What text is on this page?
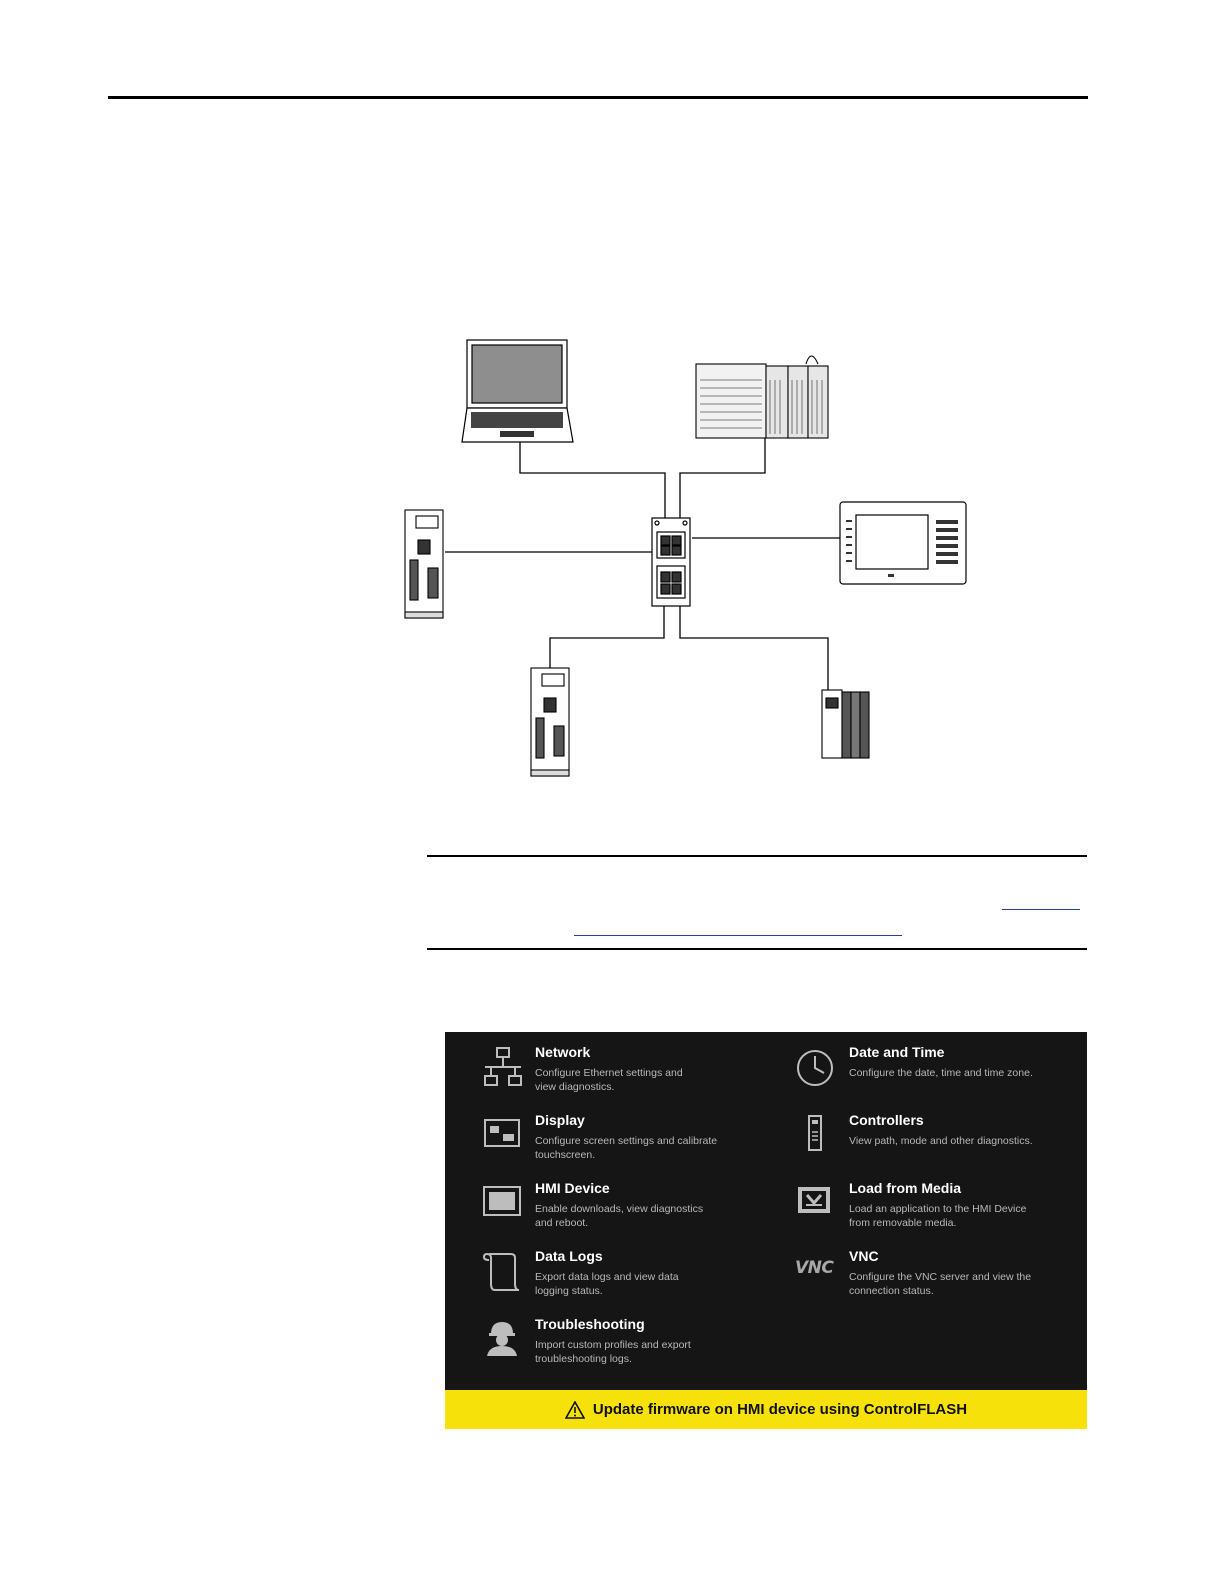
Network
Configure Ethernet settings and view diagnostics.
Date and Time
Configure the date, time and time zone.
Display
Configure screen settings and calibrate touchscreen.
Controllers
View path, mode and other diagnostics.
HMI Device
Enable downloads, view diagnostics and reboot.
Load from Media
Load an application to the HMI Device from removable media.
Data Logs
Export data logs and view data logging status.
VNC
VNC
Configure the VNC server and view the connection status.
Troubleshooting
Import custom profiles and export troubleshooting logs.
Update firmware on HMI device using ControlFLASH
